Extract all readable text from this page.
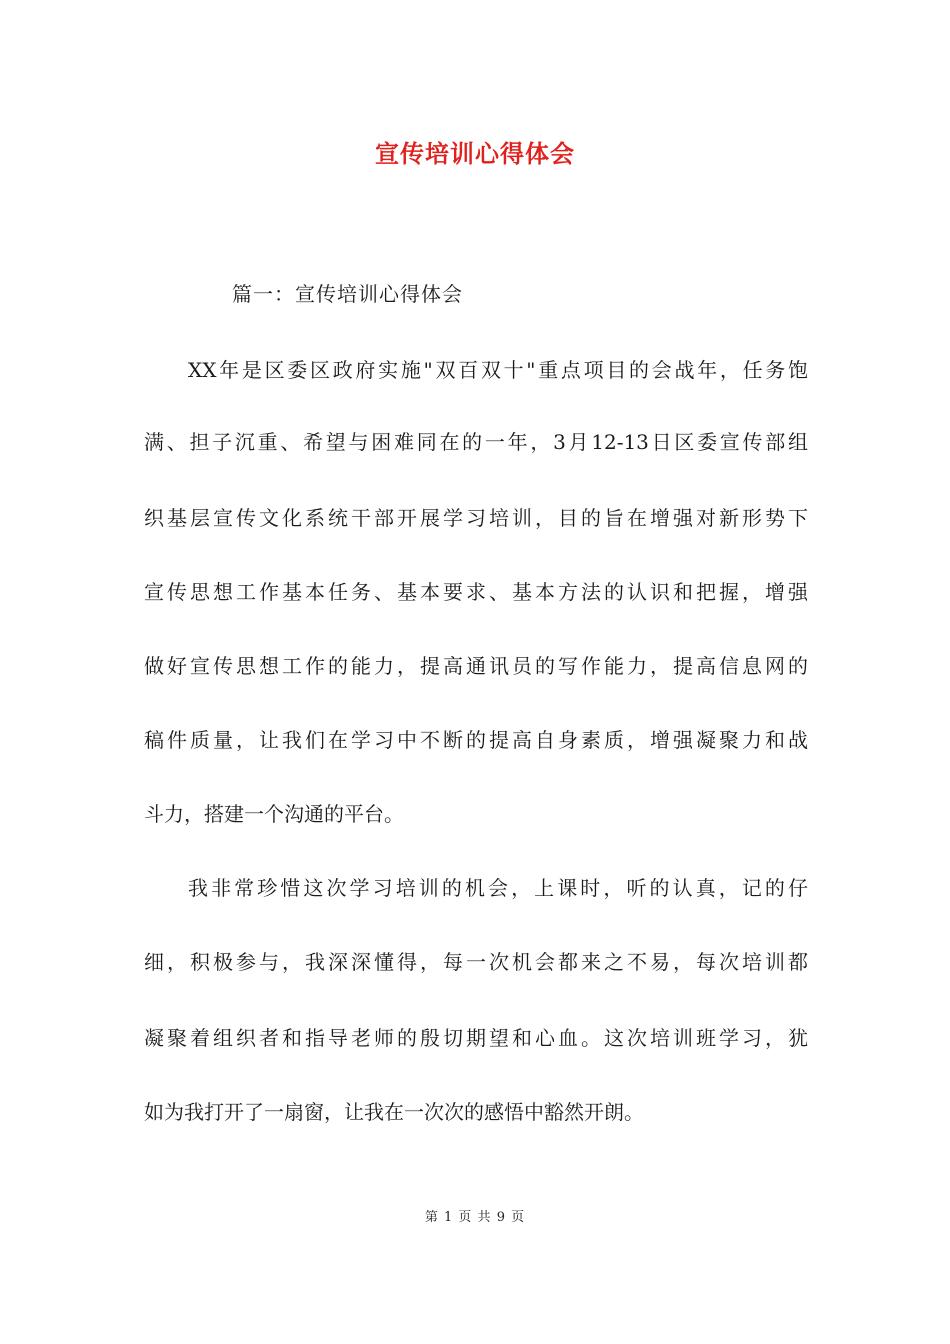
宣传培训心得体会
篇一：宣传培训心得体会
XX年是区委区政府实施"双百双十"重点项目的会战年，任务饱
满、担子沉重、希望与困难同在的一年，3月12-13日区委宣传部组
织基层宣传文化系统干部开展学习培训，目的旨在增强对新形势下
宣传思想工作基本任务、基本要求、基本方法的认识和把握，增强
做好宣传思想工作的能力，提高通讯员的写作能力，提高信息网的
稿件质量，让我们在学习中不断的提高自身素质，增强凝聚力和战
斗力，搭建一个沟通的平台。
我非常珍惜这次学习培训的机会，上课时，听的认真，记的仔
细，积极参与，我深深懂得，每一次机会都来之不易，每次培训都
凝聚着组织者和指导老师的殷切期望和心血。这次培训班学习，犹
如为我打开了一扇窗，让我在一次次的感悟中豁然开朗。
第 1 页 共 9 页
